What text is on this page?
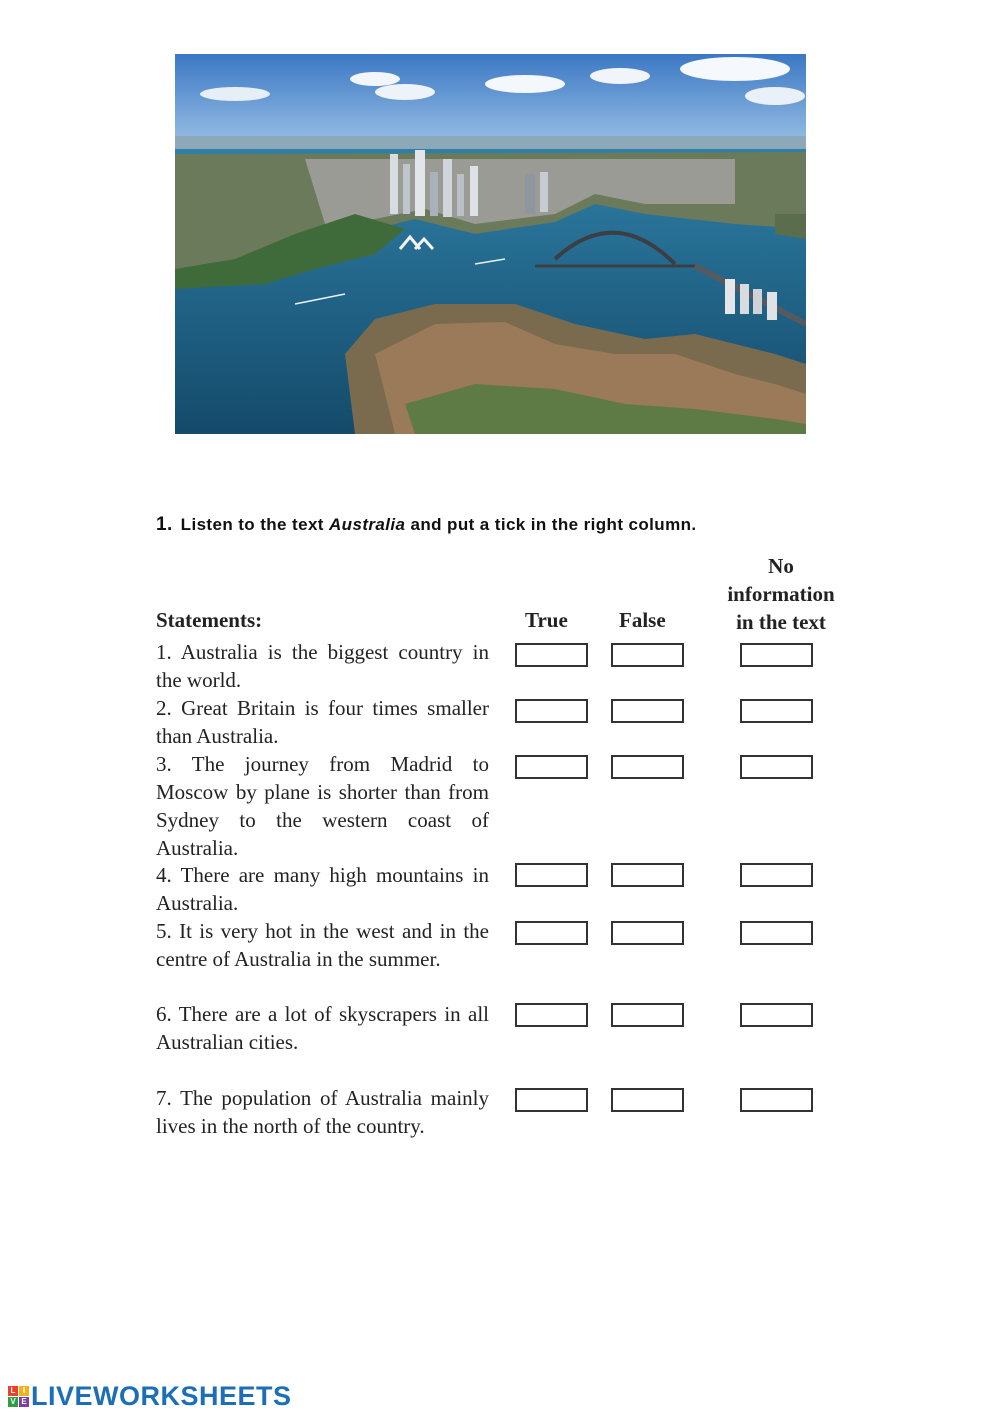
1. Listen to the text Australia and put a tick in the right column.
Statements:	True False
No
information
in the text
1. Australia is the biggest country in the world.
2. Great Britain is four times smaller than Australia.
3. The journey from Madrid to Moscow by plane is shorter than from Sydney to the western coast of Australia.
4. There are many high mountains in Australia.
5. It is very hot in the west and in the centre of Australia in the summer.
6. There are a lot of skyscrapers in all Australian cities.
7. The population of Australia mainly lives in the north of the country.
L I
V E LIVEWORKSHEETS
